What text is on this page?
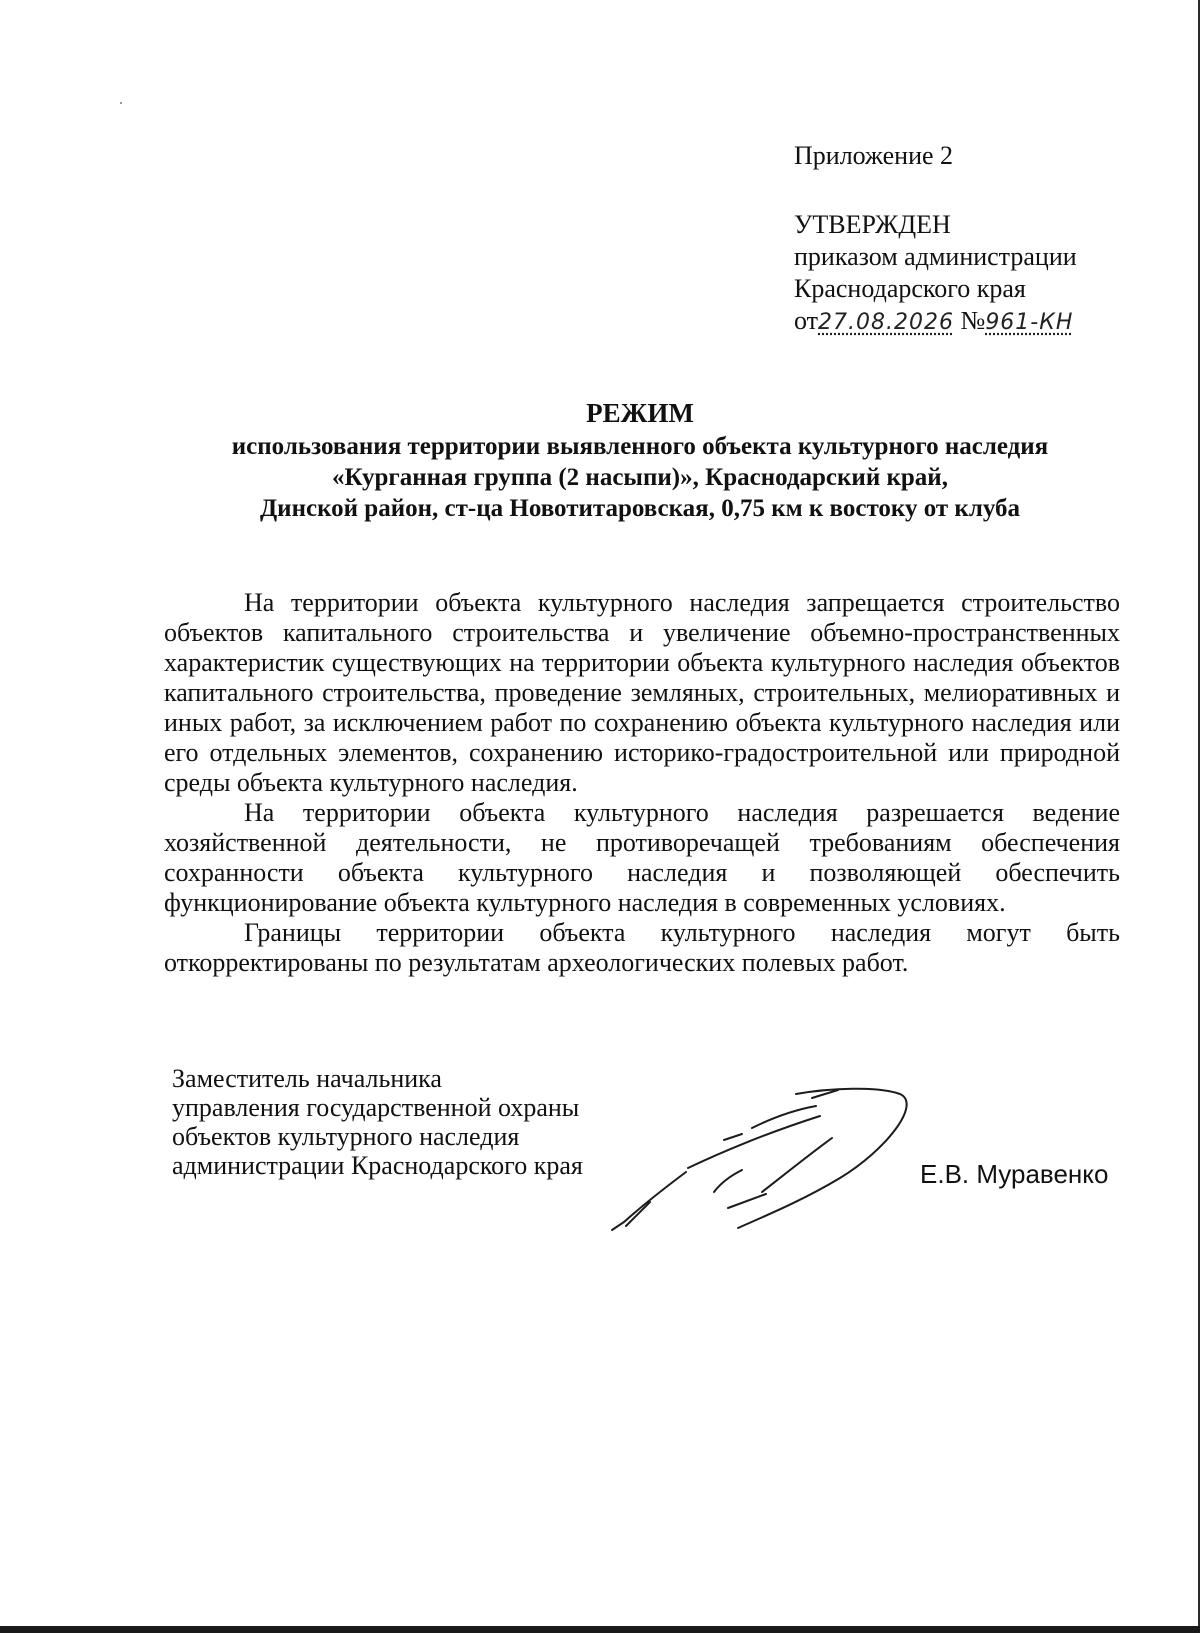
Приложение 2
УТВЕРЖДЕН
приказом администрации
Краснодарского края
от27.08.2026 №961-КН
РЕЖИМ
использования территории выявленного объекта культурного наследия
«Курганная группа (2 насыпи)», Краснодарский край,
Динской район, ст-ца Новотитаровская, 0,75 км к востоку от клуба

На территории объекта культурного наследия запрещается строительство объектов капитального строительства и увеличение объемно-пространственных характеристик существующих на территории объекта культурного наследия объектов капитального строительства, проведение земляных, строительных, мелиоративных и иных работ, за исключением работ по сохранению объекта культурного наследия или его отдельных элементов, сохранению историко-градостроительной или природной среды объекта культурного наследия.

На территории объекта культурного наследия разрешается ведение хозяйственной деятельности, не противоречащей требованиям обеспечения сохранности объекта культурного наследия и позволяющей обеспечить функционирование объекта культурного наследия в современных условиях.

Границы территории объекта культурного наследия могут быть откорректированы по результатам археологических полевых работ.

Заместитель начальника
управления государственной охраны
объектов культурного наследия
администрации Краснодарского края	Е.В. Муравенко
